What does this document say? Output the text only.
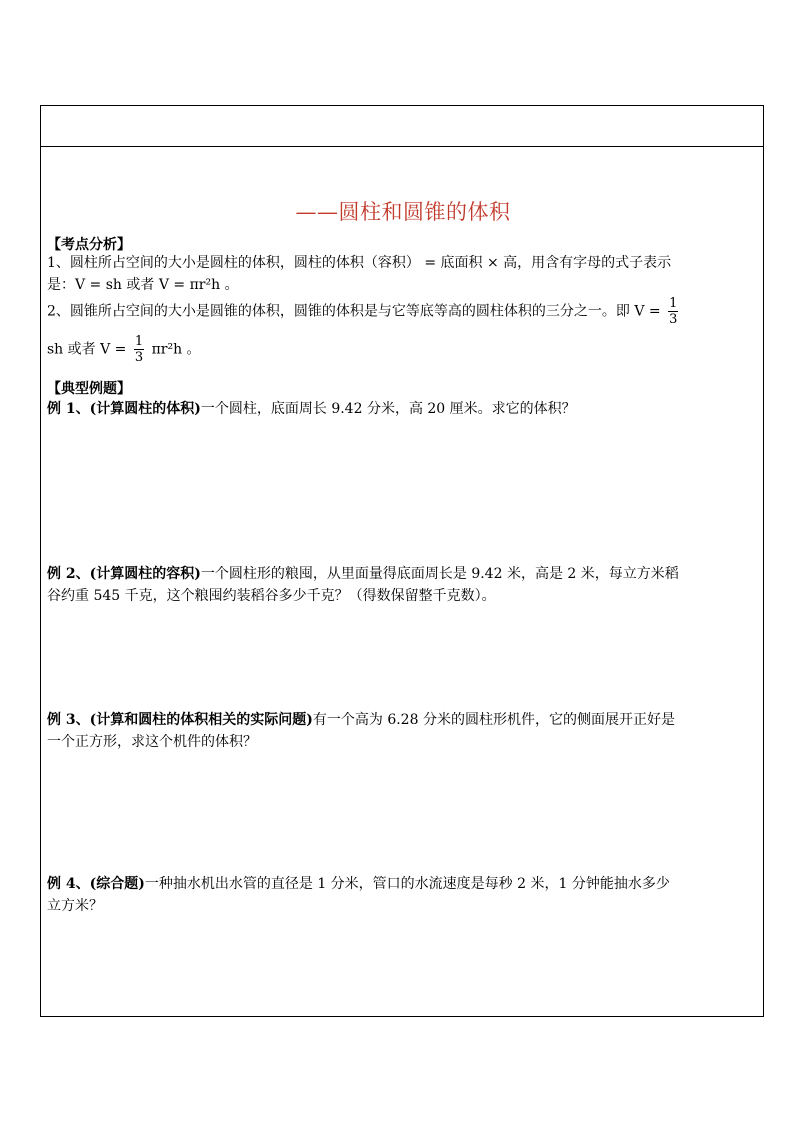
——圆柱和圆锥的体积
【考点分析】
1、圆柱所占空间的大小是圆柱的体积，圆柱的体积（容积） = 底面积 × 高，用含有字母的式子表示
是：V = sh 或者 V = πr²h 。
2、圆锥所占空间的大小是圆锥的体积，圆锥的体积是与它等底等高的圆柱体积的三分之一。即 $V = \frac{1}{3}$
sh 或者 $V = \frac{1}{3} \pi r^2h$ 。
【典型例题】
例 1、(计算圆柱的体积)一个圆柱，底面周长 9.42 分米，高 20 厘米。求它的体积？
例 2、(计算圆柱的容积)一个圆柱形的粮囤，从里面量得底面周长是 9.42 米，高是 2 米，每立方米稻
谷约重 545 千克，这个粮囤约装稻谷多少千克？（得数保留整千克数）。
例 3、(计算和圆柱的体积相关的实际问题)有一个高为 6.28 分米的圆柱形机件，它的侧面展开正好是
一个正方形，求这个机件的体积？
例 4、(综合题)一种抽水机出水管的直径是 1 分米，管口的水流速度是每秒 2 米，1 分钟能抽水多少
立方米？
